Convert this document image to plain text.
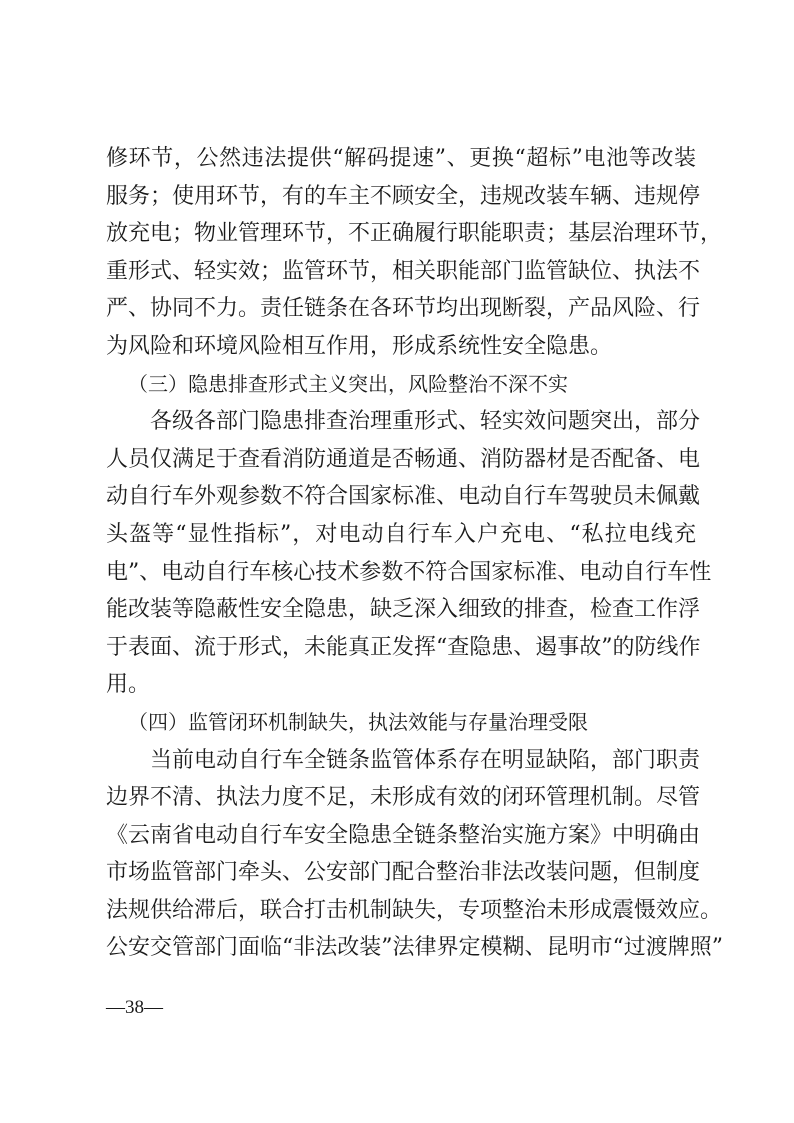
修环节，公然违法提供“解码提速”、更换“超标”电池等改装
服务；使用环节，有的车主不顾安全，违规改装车辆、违规停
放充电；物业管理环节，不正确履行职能职责；基层治理环节，
重形式、轻实效；监管环节，相关职能部门监管缺位、执法不
严、协同不力。责任链条在各环节均出现断裂，产品风险、行
为风险和环境风险相互作用，形成系统性安全隐患。
（三）隐患排查形式主义突出，风险整治不深不实
各级各部门隐患排查治理重形式、轻实效问题突出，部分
人员仅满足于查看消防通道是否畅通、消防器材是否配备、电
动自行车外观参数不符合国家标准、电动自行车驾驶员未佩戴
头盔等“显性指标”，对电动自行车入户充电、“私拉电线充
电”、电动自行车核心技术参数不符合国家标准、电动自行车性
能改装等隐蔽性安全隐患，缺乏深入细致的排查，检查工作浮
于表面、流于形式，未能真正发挥“查隐患、遏事故”的防线作
用。
（四）监管闭环机制缺失，执法效能与存量治理受限
当前电动自行车全链条监管体系存在明显缺陷，部门职责
边界不清、执法力度不足，未形成有效的闭环管理机制。尽管
《云南省电动自行车安全隐患全链条整治实施方案》中明确由
市场监管部门牵头、公安部门配合整治非法改装问题，但制度
法规供给滞后，联合打击机制缺失，专项整治未形成震慑效应。
公安交管部门面临“非法改装”法律界定模糊、昆明市“过渡牌照”
—38—
